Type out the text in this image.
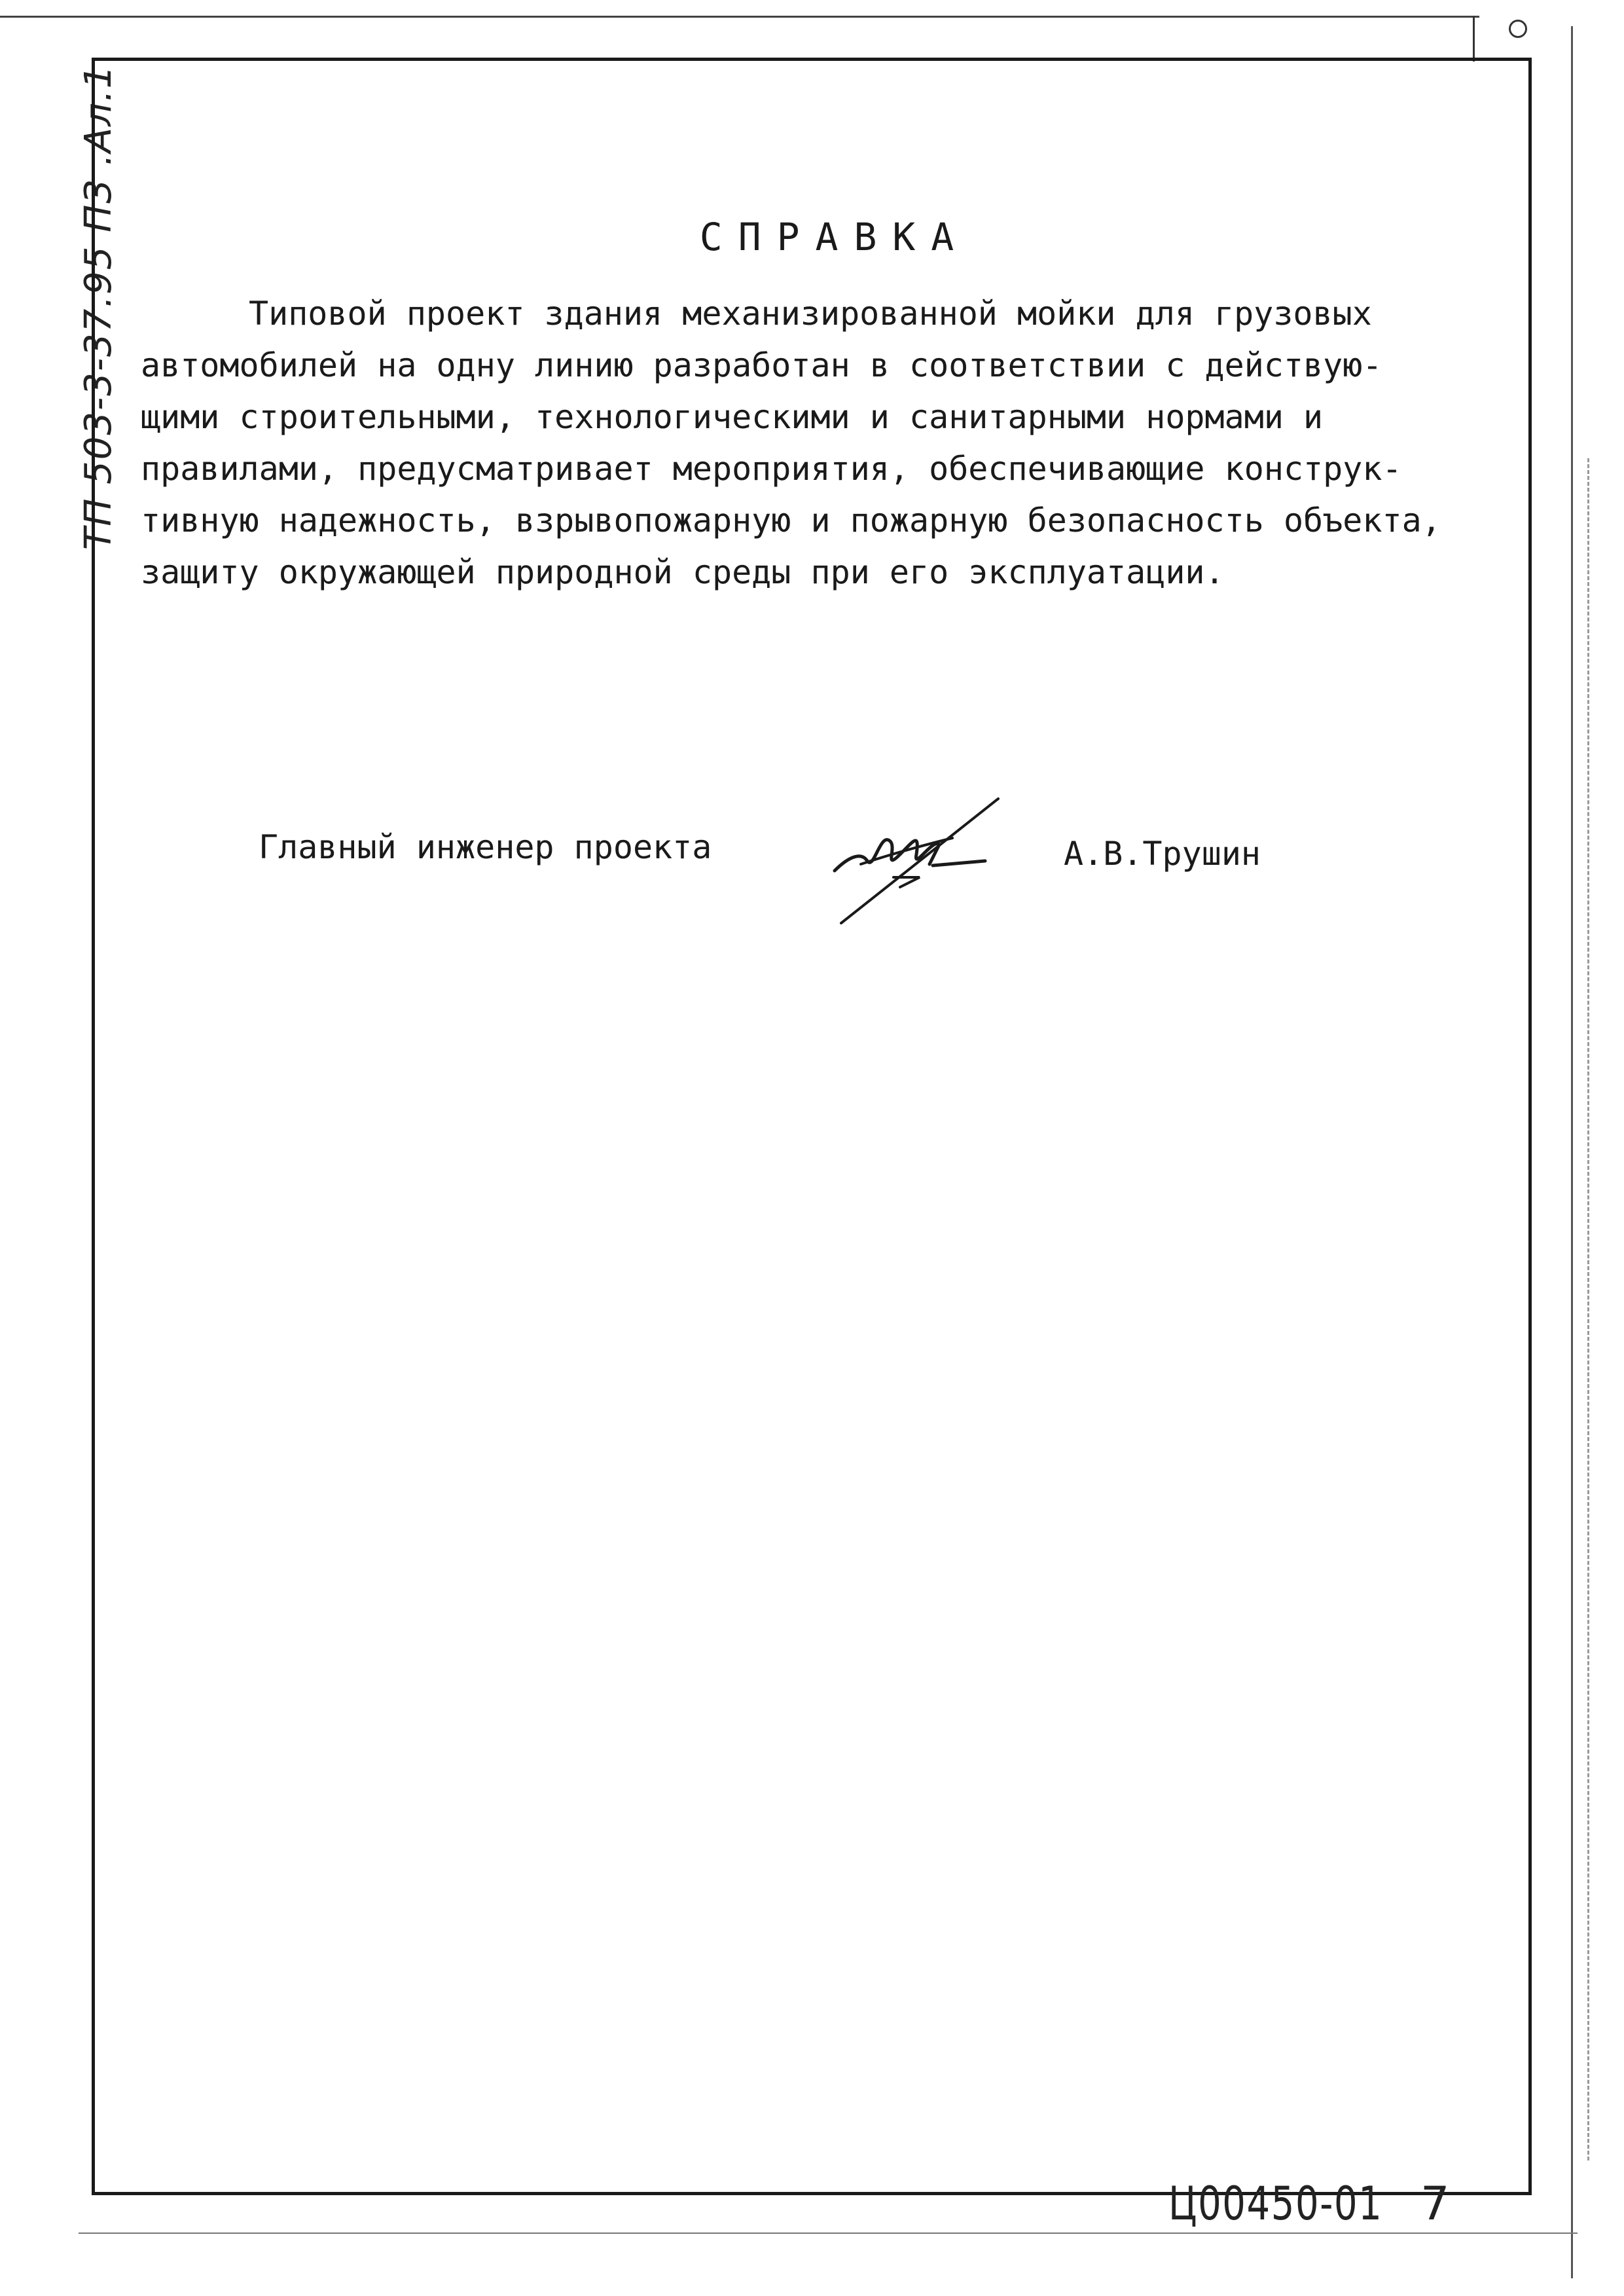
ТП 503-3-37.95 ПЗ .Ал.1	СПРАВКА
Типовой проект здания механизированной мойки для грузовых
автомобилей на одну линию разработан в соответствии с действую-
щими строительными, технологическими и санитарными нормами и
правилами, предусматривает мероприятия, обеспечивающие конструк-
тивную надежность, взрывопожарную и пожарную безопасность объекта,
защиту окружающей природной среды при его эксплуатации.
Главный инженер проекта	А.В.Трушин
Ц00450-01 7
